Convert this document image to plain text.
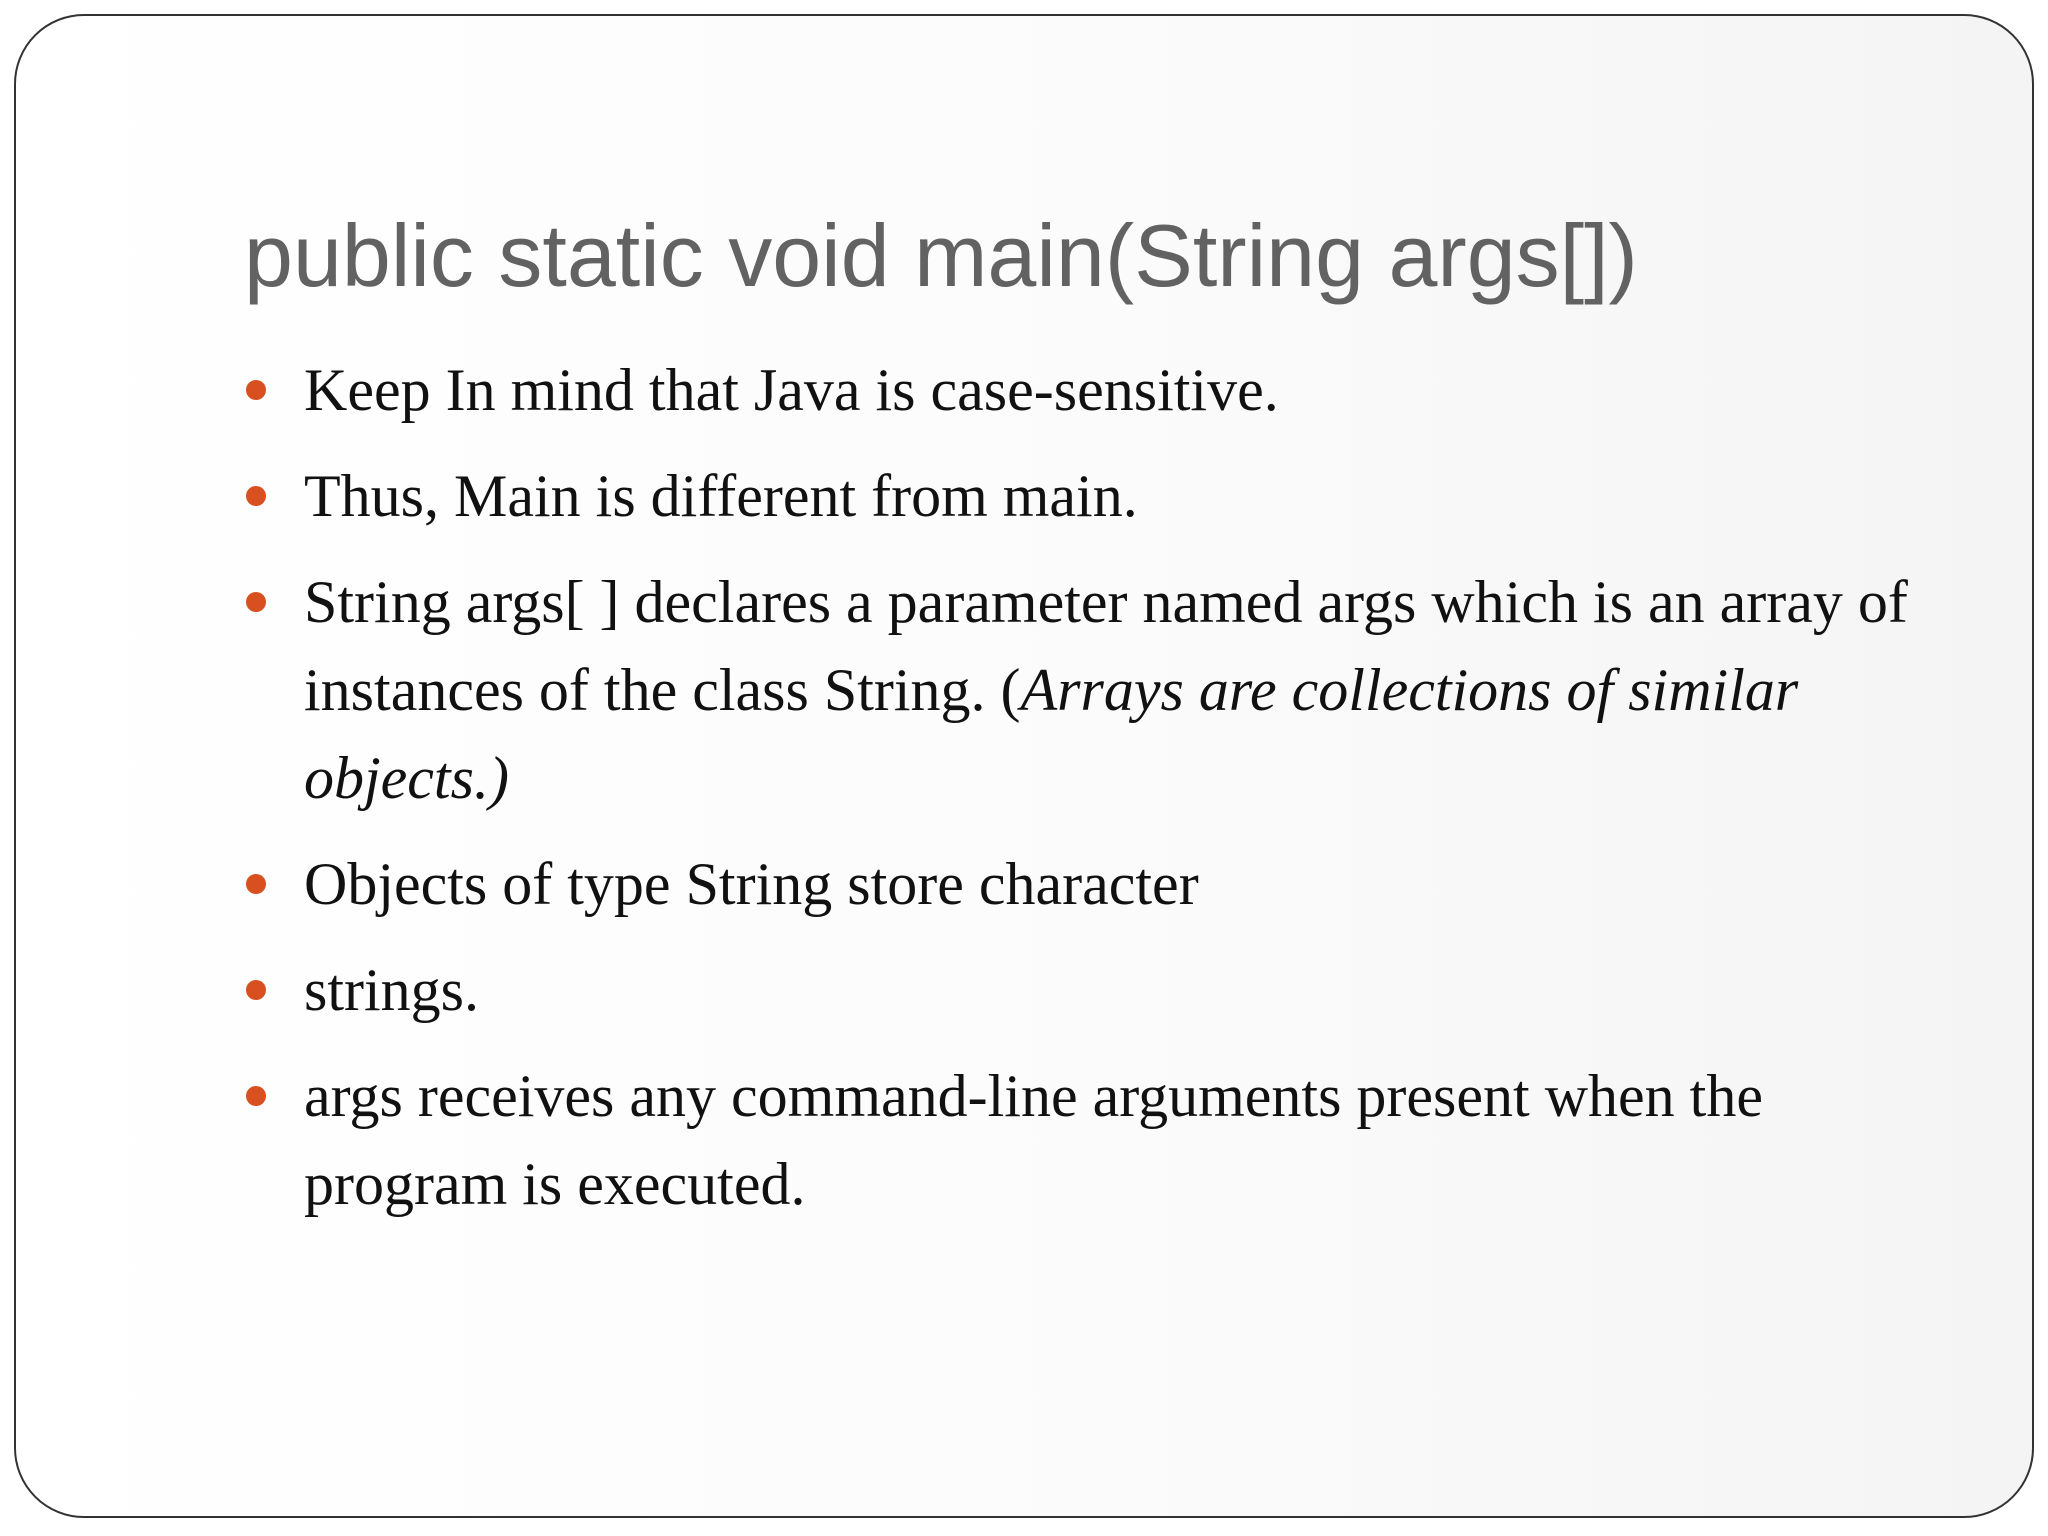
public static void main(String args[])
Keep In mind that Java is case-sensitive.
Thus, Main is different from main.
String args[ ] declares a parameter named args which is an array of instances of the class String. (Arrays are collections of similar objects.)
Objects of type String store character
strings.
args receives any command-line arguments present when the program is executed.
